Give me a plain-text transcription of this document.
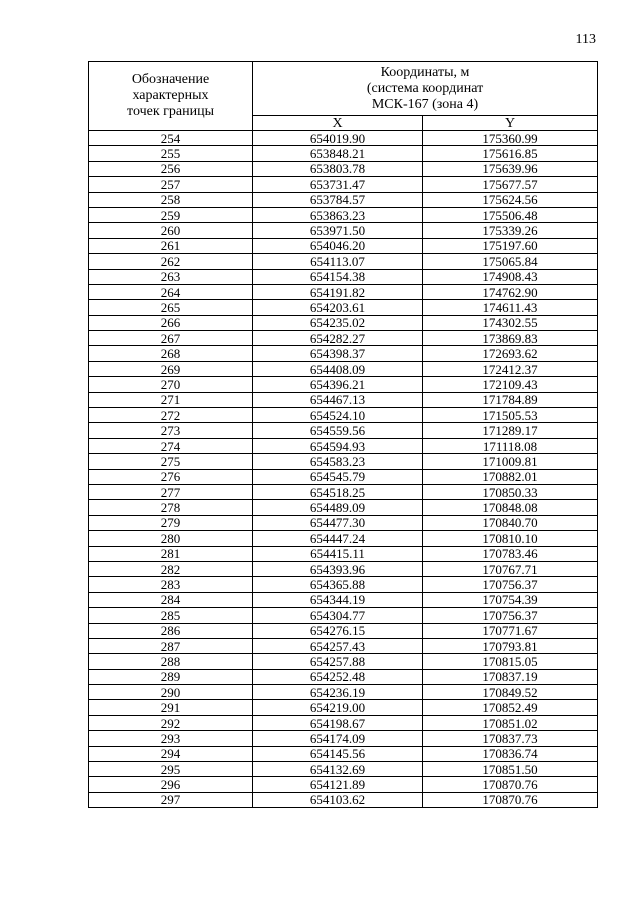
113
Обозначение
характерных
точек границы	Координаты, м
(система координат
МСК-167 (зона 4)	

	X	Y
254	654019.90	175360.99
255	653848.21	175616.85
256	653803.78	175639.96
257	653731.47	175677.57
258	653784.57	175624.56
259	653863.23	175506.48
260	653971.50	175339.26
261	654046.20	175197.60
262	654113.07	175065.84
263	654154.38	174908.43
264	654191.82	174762.90
265	654203.61	174611.43
266	654235.02	174302.55
267	654282.27	173869.83
268	654398.37	172693.62
269	654408.09	172412.37
270	654396.21	172109.43
271	654467.13	171784.89
272	654524.10	171505.53
273	654559.56	171289.17
274	654594.93	171118.08
275	654583.23	171009.81
276	654545.79	170882.01
277	654518.25	170850.33
278	654489.09	170848.08
279	654477.30	170840.70
280	654447.24	170810.10
281	654415.11	170783.46
282	654393.96	170767.71
283	654365.88	170756.37
284	654344.19	170754.39
285	654304.77	170756.37
286	654276.15	170771.67
287	654257.43	170793.81
288	654257.88	170815.05
289	654252.48	170837.19
290	654236.19	170849.52
291	654219.00	170852.49
292	654198.67	170851.02
293	654174.09	170837.73
294	654145.56	170836.74
295	654132.69	170851.50
296	654121.89	170870.76
297	654103.62	170870.76
